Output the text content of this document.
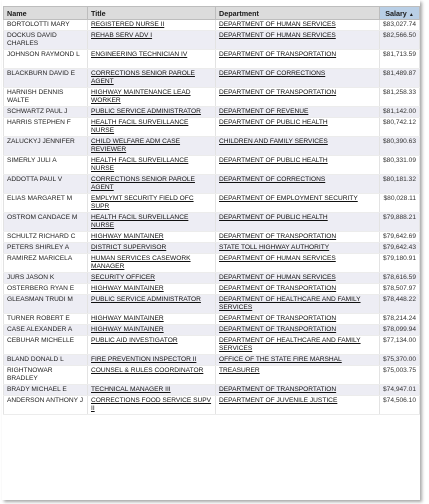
Name	Title	Department	Salary ▲
BORTOLOTTI MARY	REGISTERED NURSE II	DEPARTMENT OF HUMAN SERVICES	$83,027.74
DOCKUS DAVID CHARLES	REHAB SERV ADV I	DEPARTMENT OF HUMAN SERVICES	$82,566.50
JOHNSON RAYMOND L	ENGINEERING TECHNICIAN IV	DEPARTMENT OF TRANSPORTATION	$81,713.59
BLACKBURN DAVID E	CORRECTIONS SENIOR PAROLE AGENT	DEPARTMENT OF CORRECTIONS	$81,489.87
HARNISH DENNIS WALTE	HIGHWAY MAINTENANCE LEAD WORKER	DEPARTMENT OF TRANSPORTATION	$81,258.33
SCHWARTZ PAUL J	PUBLIC SERVICE ADMINISTRATOR	DEPARTMENT OF REVENUE	$81,142.00
HARRIS STEPHEN F	HEALTH FACIL SURVEILLANCE NURSE	DEPARTMENT OF PUBLIC HEALTH	$80,742.12
ZALUCKYJ JENNIFER	CHILD WELFARE ADM CASE REVIEWER	CHILDREN AND FAMILY SERVICES	$80,390.63
SIMERLY JULI A	HEALTH FACIL SURVEILLANCE NURSE	DEPARTMENT OF PUBLIC HEALTH	$80,331.09
ADDOTTA PAUL V	CORRECTIONS SENIOR PAROLE AGENT	DEPARTMENT OF CORRECTIONS	$80,181.32
ELIAS MARGARET M	EMPLYMT SECURITY FIELD OFC SUPR	DEPARTMENT OF EMPLOYMENT SECURITY	$80,028.11
OSTROM CANDACE M	HEALTH FACIL SURVEILLANCE NURSE	DEPARTMENT OF PUBLIC HEALTH	$79,888.21
SCHULTZ RICHARD C	HIGHWAY MAINTAINER	DEPARTMENT OF TRANSPORTATION	$79,642.69
PETERS SHIRLEY A	DISTRICT SUPERVISOR	STATE TOLL HIGHWAY AUTHORITY	$79,642.43
RAMIREZ MARICELA	HUMAN SERVICES CASEWORK MANAGER	DEPARTMENT OF HUMAN SERVICES	$79,180.91
JURS JASON K	SECURITY OFFICER	DEPARTMENT OF HUMAN SERVICES	$78,616.59
OSTERBERG RYAN E	HIGHWAY MAINTAINER	DEPARTMENT OF TRANSPORTATION	$78,507.97
GLEASMAN TRUDI M	PUBLIC SERVICE ADMINISTRATOR	DEPARTMENT OF HEALTHCARE AND FAMILY SERVICES	$78,448.22
TURNER ROBERT E	HIGHWAY MAINTAINER	DEPARTMENT OF TRANSPORTATION	$78,214.24
CASE ALEXANDER A	HIGHWAY MAINTAINER	DEPARTMENT OF TRANSPORTATION	$78,099.94
CEBUHAR MICHELLE	PUBLIC AID INVESTIGATOR	DEPARTMENT OF HEALTHCARE AND FAMILY SERVICES	$77,134.00
BLAND DONALD L	FIRE PREVENTION INSPECTOR II	OFFICE OF THE STATE FIRE MARSHAL	$75,370.00
RIGHTNOWAR BRADLEY	COUNSEL & RULES COORDINATOR	TREASURER	$75,003.75
BRADY MICHAEL E	TECHNICAL MANAGER III	DEPARTMENT OF TRANSPORTATION	$74,947.01
ANDERSON ANTHONY J	CORRECTIONS FOOD SERVICE SUPV II	DEPARTMENT OF JUVENILE JUSTICE	$74,506.10
